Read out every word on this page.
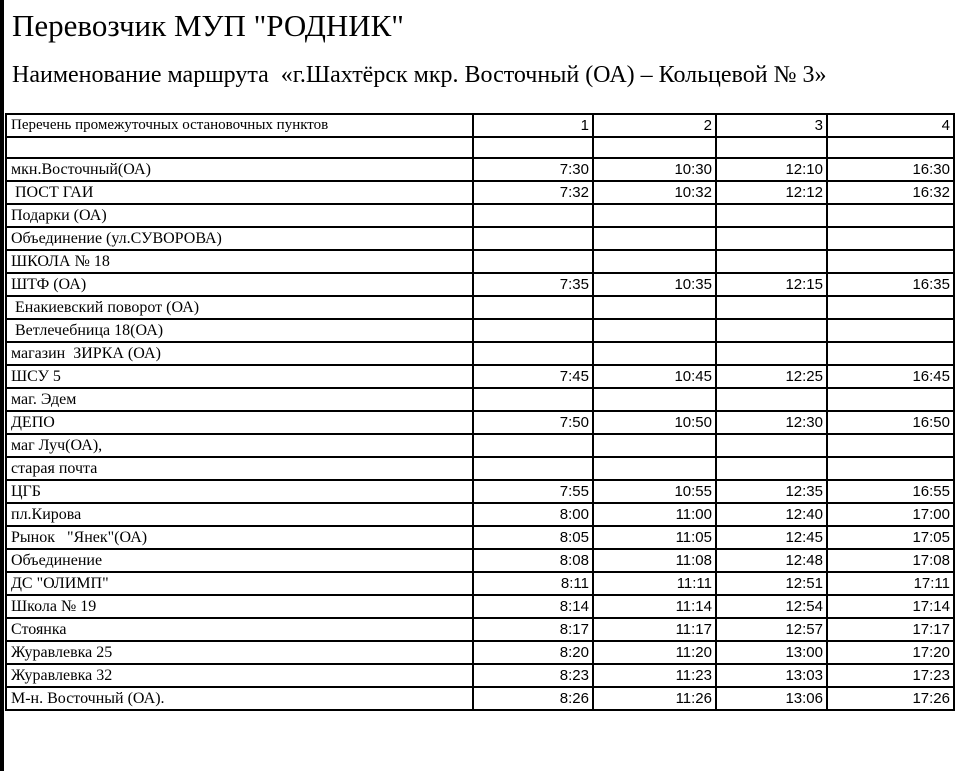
Перевозчик МУП "РОДНИК"
Наименование маршрута  «г.Шахтёрск мкр. Восточный (ОА) – Кольцевой № 3»
Перечень промежуточных остановочных пунктов	1	2	3	4

мкн.Восточный(ОА)	7:30	10:30	12:10	16:30
ПОСТ ГАИ	7:32	10:32	12:12	16:32
Подарки (ОА)				
Объединение (ул.СУВОРОВА)				
ШКОЛА № 18				
ШТФ (ОА)	7:35	10:35	12:15	16:35
Енакиевский поворот (ОА)				
Ветлечебница 18(ОА)				
магазин  ЗИРКА (ОА)				
ШСУ 5	7:45	10:45	12:25	16:45
маг. Эдем				
ДЕПО	7:50	10:50	12:30	16:50
маг Луч(ОА),				
старая почта				
ЦГБ	7:55	10:55	12:35	16:55
пл.Кирова	8:00	11:00	12:40	17:00
Рынок   "Янек"(ОА)	8:05	11:05	12:45	17:05
Объединение	8:08	11:08	12:48	17:08
ДС "ОЛИМП"	8:11	11:11	12:51	17:11
Школа № 19	8:14	11:14	12:54	17:14
Стоянка	8:17	11:17	12:57	17:17
Журавлевка 25	8:20	11:20	13:00	17:20
Журавлевка 32	8:23	11:23	13:03	17:23
М-н. Восточный (ОА).	8:26	11:26	13:06	17:26
